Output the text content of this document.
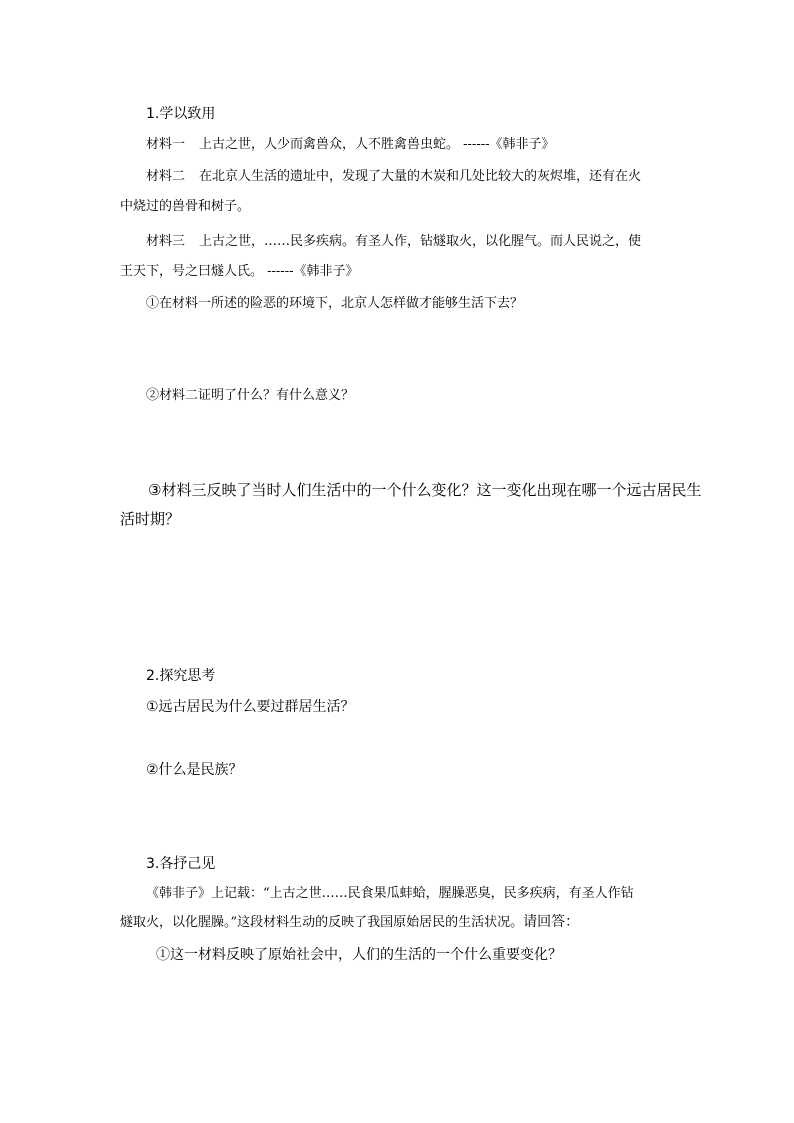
1.学以致用
材料一 上古之世，人少而禽兽众，人不胜禽兽虫蛇。 ------《韩非子》
材料二 在北京人生活的遗址中，发现了大量的木炭和几处比较大的灰烬堆，还有在火
中烧过的兽骨和树子。
材料三 上古之世，……民多疾病。有圣人作，钻燧取火，以化腥气。而人民说之，使
王天下，号之曰燧人氏。 ------《韩非子》
①在材料一所述的险恶的环境下，北京人怎样做才能够生活下去？
②材料二证明了什么？有什么意义？
③材料三反映了当时人们生活中的一个什么变化？这一变化出现在哪一个远古居民生
活时期？
2.探究思考
①远古居民为什么要过群居生活？
②什么是民族？
3.各抒己见
《韩非子》上记载：“上古之世……民食果瓜蚌蛤，腥臊恶臭，民多疾病，有圣人作钻
燧取火，以化腥臊。”这段材料生动的反映了我国原始居民的生活状况。请回答：
①这一材料反映了原始社会中，人们的生活的一个什么重要变化？
